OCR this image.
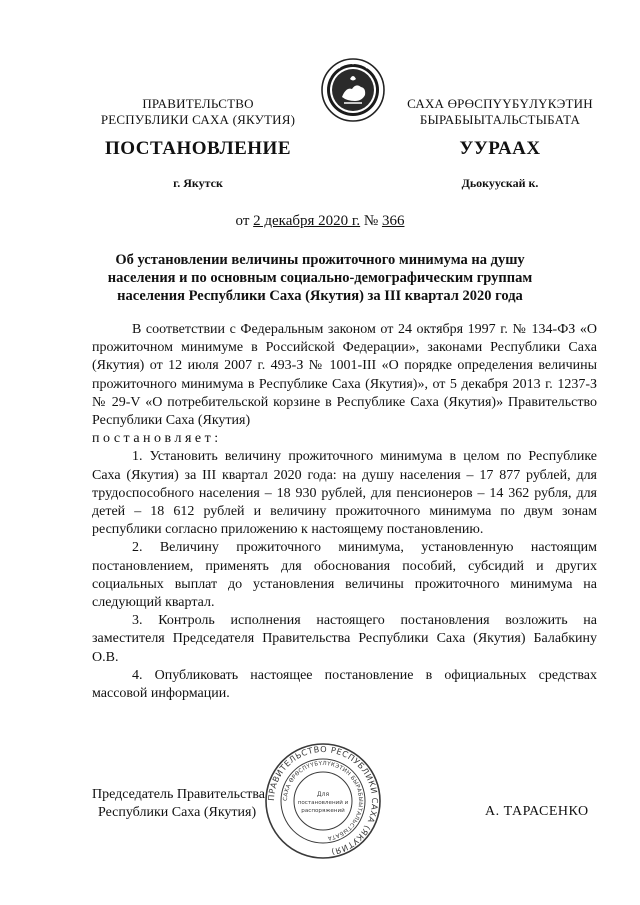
ПРАВИТЕЛЬСТВО
РЕСПУБЛИКИ САХА (ЯКУТИЯ)
САХА ӨРӨСПҮҮБҮЛҮКЭТИН
БЫРАБЫЫТАЛЬСТЫБАТА
ПОСТАНОВЛЕНИЕ	УУРААХ
г. Якутск	Дьокуускай к.
от 2 декабря 2020 г. № 366
Об установлении величины прожиточного минимума на душу
населения и по основным социально-демографическим группам
населения Республики Саха (Якутия) за III квартал 2020 года

В соответствии с Федеральным законом от 24 октября 1997 г. № 134-ФЗ «О прожиточном минимуме в Российской Федерации», законами Республики Саха (Якутия) от 12 июля 2007 г. 493-З № 1001-III «О порядке определения величины прожиточного минимума в Республике Саха (Якутия)», от 5 декабря 2013 г. 1237-З № 29-V «О потребительской корзине в Республике Саха (Якутия)» Правительство Республики Саха (Якутия)

постановляет:

1. Установить величину прожиточного минимума в целом по Республике Саха (Якутия) за III квартал 2020 года: на душу населения – 17 877 рублей, для трудоспособного населения – 18 930 рублей, для пенсионеров – 14 362 рубля, для детей – 18 612 рублей и величину прожиточного минимума по двум зонам республики согласно приложению к настоящему постановлению.

2. Величину прожиточного минимума, установленную настоящим постановлением, применять для обоснования пособий, субсидий и других социальных выплат до установления величины прожиточного минимума на следующий квартал.

3. Контроль исполнения настоящего постановления возложить на заместителя Председателя Правительства Республики Саха (Якутия) Балабкину О.В.

4. Опубликовать настоящее постановление в официальных средствах массовой информации.

Председатель Правительства
Республики Саха (Якутия)	А. ТАРАСЕНКО
ПРАВИТЕЛЬСТВО РЕСПУБЛИКИ САХА (ЯКУТИЯ)
САХА ӨРӨСПҮҮБҮЛҮКЭТИН БЫРАБЫЫТАЛЬСТЫБАТА
Для
постановлений и
распоряжений
